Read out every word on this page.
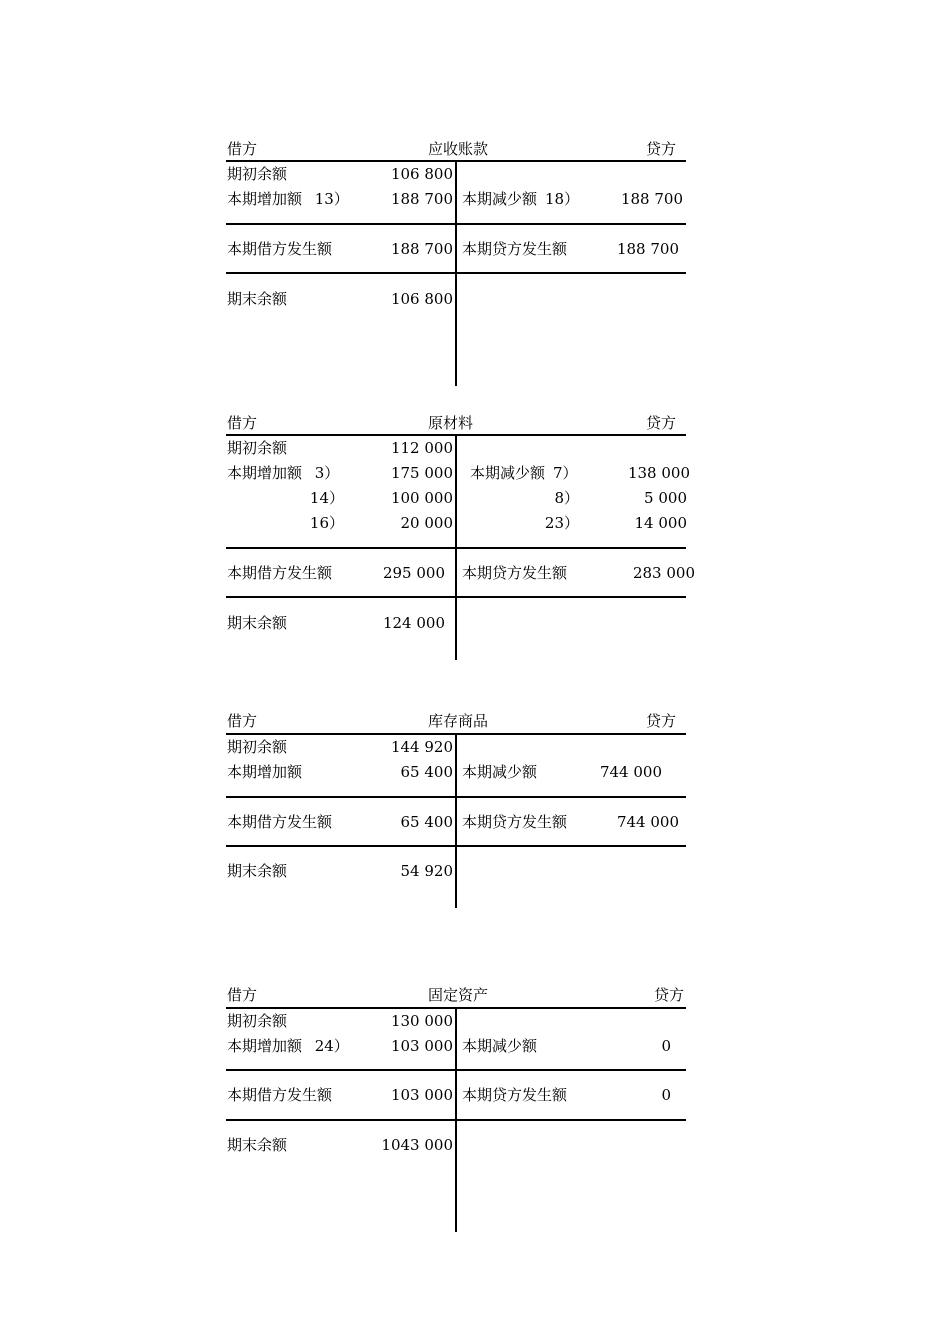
借方	应收账款	贷方
期初余额	106 800
本期增加额 13）	188 700 本期减少额 18）	188 700
本期借方发生额	188 700 本期贷方发生额	188 700
期末余额	106 800
借方	原材料	贷方
期初余额	112 000
本期增加额 3）	175 000 本期减少额 7）	138 000
14）	100 000	8）	5 000
16）	20 000	23）	14 000
本期借方发生额	295 000 本期贷方发生额	283 000
期末余额	124 000
借方	库存商品	贷方
期初余额	144 920
本期增加额	65 400 本期减少额	744 000
本期借方发生额	65 400 本期贷方发生额	744 000
期末余额	54 920
借方	固定资产	贷方
期初余额	130 000
本期增加额 24）	103 000 本期减少额	0
本期借方发生额	103 000 本期贷方发生额	0
期末余额	1043 000
